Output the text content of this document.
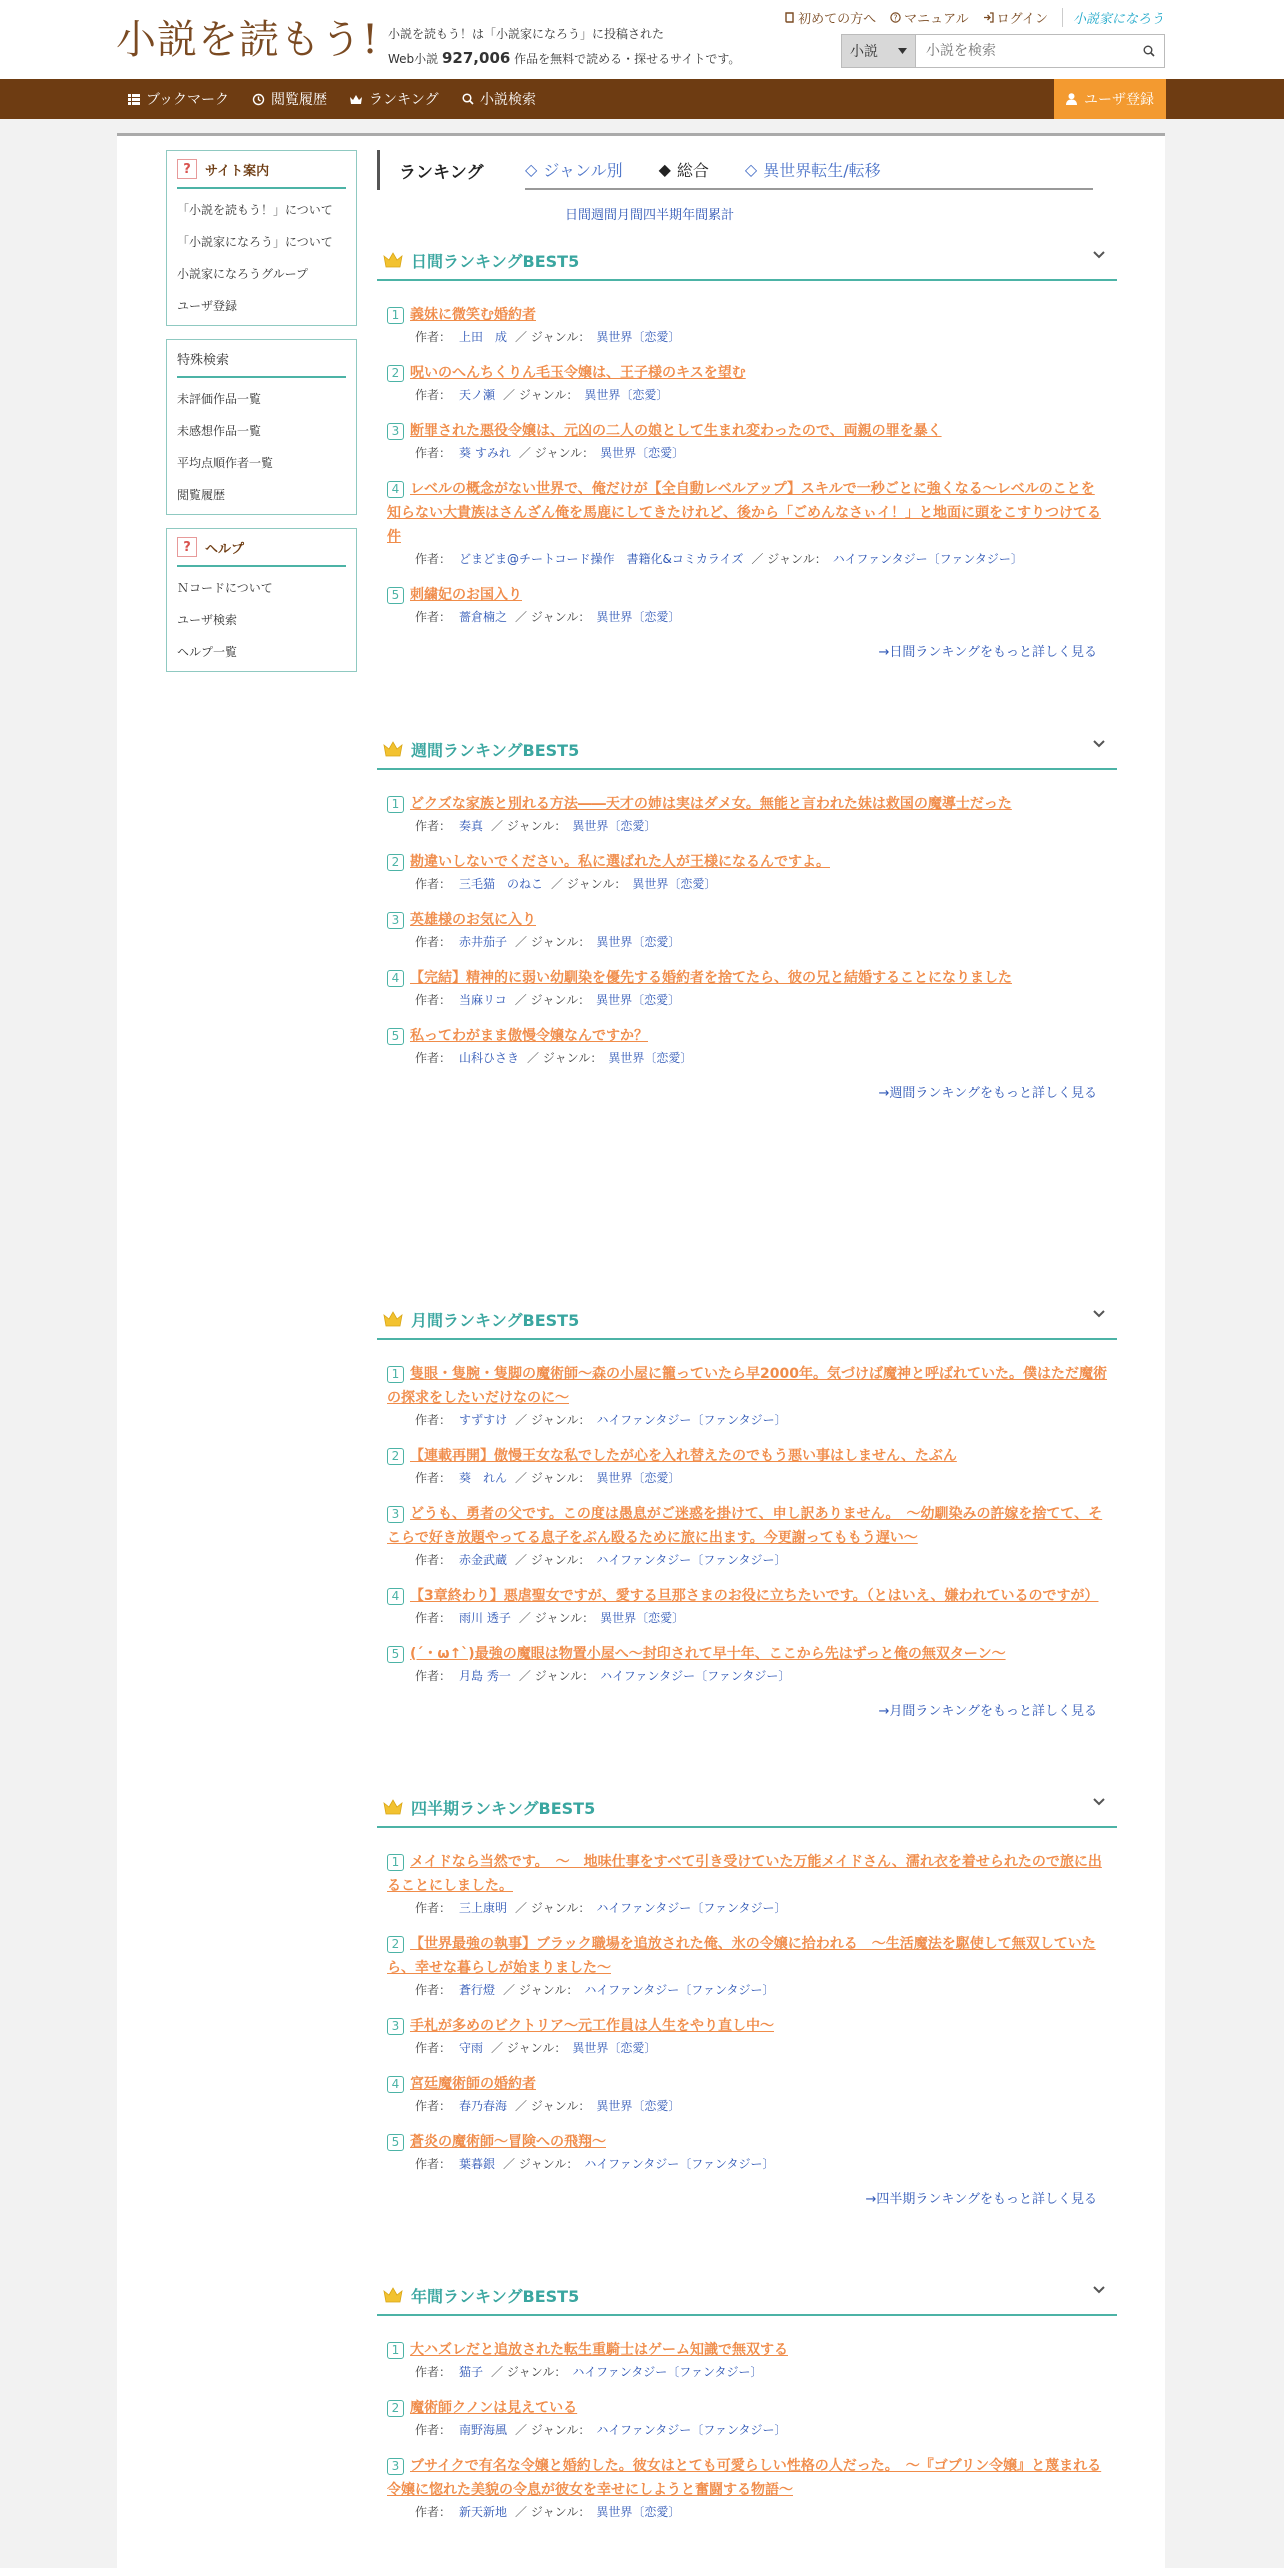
小説を読もう! 小説を読もう！は「小説家になろう」に投稿された
Web小説 927,006 作品を無料で読める・探せるサイトです。
初めての方へ ? マニュアル ログイン	小説家になろう
小説
小説を検索
ブックマーク	閲覧履歴	ランキング	小説検索	ユーザ登録
?	サイト案内
「小説を読もう！」について
「小説家になろう」について
小説家になろうグループ
ユーザ登録
特殊検索
未評価作品一覧
未感想作品一覧
平均点順作者一覧
閲覧履歴
?	ヘルプ
Ｎコードについて
ユーザ検索
ヘルプ一覧
ランキング	◇ ジャンル別 ◆ 総合 ◇ 異世界転生/転移
日間 週間 月間 四半期 年間 累計
日間ランキングBEST5
1 義妹に微笑む婚約者
作者： 上田　成 ／ ジャンル： 異世界〔恋愛〕
2 呪いのへんちくりん毛玉令嬢は、王子様のキスを望む
作者： 天ノ瀬 ／ ジャンル： 異世界〔恋愛〕
3 断罪された悪役令嬢は、元凶の二人の娘として生まれ変わったので、両親の罪を暴く
作者： 葵 すみれ ／ ジャンル： 異世界〔恋愛〕
4 レベルの概念がない世界で、俺だけが【全自動レベルアップ】スキルで一秒ごとに強くなる〜レベルのことを知らない大貴族はさんざん俺を馬鹿にしてきたけれど、後から「ごめんなさぃイ！」と地面に頭をこすりつけてる件
作者： どまどま@チートコード操作　書籍化&コミカライズ ／ ジャンル： ハイファンタジー〔ファンタジー〕
5 刺繍妃のお国入り
作者： 薔倉楠之 ／ ジャンル： 異世界〔恋愛〕
→日間ランキングをもっと詳しく見る
週間ランキングBEST5
1 どクズな家族と別れる方法――天才の姉は実はダメ女。無能と言われた妹は救国の魔導士だった
作者： 奏真 ／ ジャンル： 異世界〔恋愛〕
2 勘違いしないでください。私に選ばれた人が王様になるんですよ。
作者： 三毛猫　のねこ ／ ジャンル： 異世界〔恋愛〕
3 英雄様のお気に入り
作者： 赤井茄子 ／ ジャンル： 異世界〔恋愛〕
4 【完結】精神的に弱い幼馴染を優先する婚約者を捨てたら、彼の兄と結婚することになりました
作者： 当麻リコ ／ ジャンル： 異世界〔恋愛〕
5 私ってわがまま傲慢令嬢なんですか？
作者： 山科ひさき ／ ジャンル： 異世界〔恋愛〕
→週間ランキングをもっと詳しく見る
月間ランキングBEST5
1 隻眼・隻腕・隻脚の魔術師～森の小屋に籠っていたら早2000年。気づけば魔神と呼ばれていた。僕はただ魔術の探求をしたいだけなのに～
作者： すずすけ ／ ジャンル： ハイファンタジー〔ファンタジー〕
2 【連載再開】傲慢王女な私でしたが心を入れ替えたのでもう悪い事はしません、たぶん
作者： 葵　れん ／ ジャンル： 異世界〔恋愛〕
3 どうも、勇者の父です。この度は愚息がご迷惑を掛けて、申し訳ありません。　～幼馴染みの許嫁を捨てて、そこらで好き放題やってる息子をぶん殴るために旅に出ます。今更謝ってももう遅い～
作者： 赤金武蔵 ／ ジャンル： ハイファンタジー〔ファンタジー〕
4 【3章終わり】悪虐聖女ですが、愛する旦那さまのお役に立ちたいです。（とはいえ、嫌われているのですが）
作者： 雨川 透子 ／ ジャンル： 異世界〔恋愛〕
5 (´・ω↑`)最強の魔眼は物置小屋へ～封印されて早十年、ここから先はずっと俺の無双ターン～
作者： 月島 秀一 ／ ジャンル： ハイファンタジー〔ファンタジー〕
→月間ランキングをもっと詳しく見る
四半期ランキングBEST5
1 メイドなら当然です。　～　地味仕事をすべて引き受けていた万能メイドさん、濡れ衣を着せられたので旅に出ることにしました。
作者： 三上康明 ／ ジャンル： ハイファンタジー〔ファンタジー〕
2 【世界最強の執事】ブラック職場を追放された俺、氷の令嬢に拾われる　～生活魔法を駆使して無双していたら、幸せな暮らしが始まりました～
作者： 蒼行燈 ／ ジャンル： ハイファンタジー〔ファンタジー〕
3 手札が多めのビクトリア〜元工作員は人生をやり直し中〜
作者： 守雨 ／ ジャンル： 異世界〔恋愛〕
4 宮廷魔術師の婚約者
作者： 春乃春海 ／ ジャンル： 異世界〔恋愛〕
5 蒼炎の魔術師〜冒険への飛翔〜
作者： 葉暮銀 ／ ジャンル： ハイファンタジー〔ファンタジー〕
→四半期ランキングをもっと詳しく見る
年間ランキングBEST5
1 大ハズレだと追放された転生重騎士はゲーム知識で無双する
作者： 猫子 ／ ジャンル： ハイファンタジー〔ファンタジー〕
2 魔術師クノンは見えている
作者： 南野海風 ／ ジャンル： ハイファンタジー〔ファンタジー〕
3 ブサイクで有名な令嬢と婚約した。彼女はとても可愛らしい性格の人だった。　～『ゴブリン令嬢』と蔑まれる令嬢に惚れた美貌の令息が彼女を幸せにしようと奮闘する物語～
作者： 新天新地 ／ ジャンル： 異世界〔恋愛〕
